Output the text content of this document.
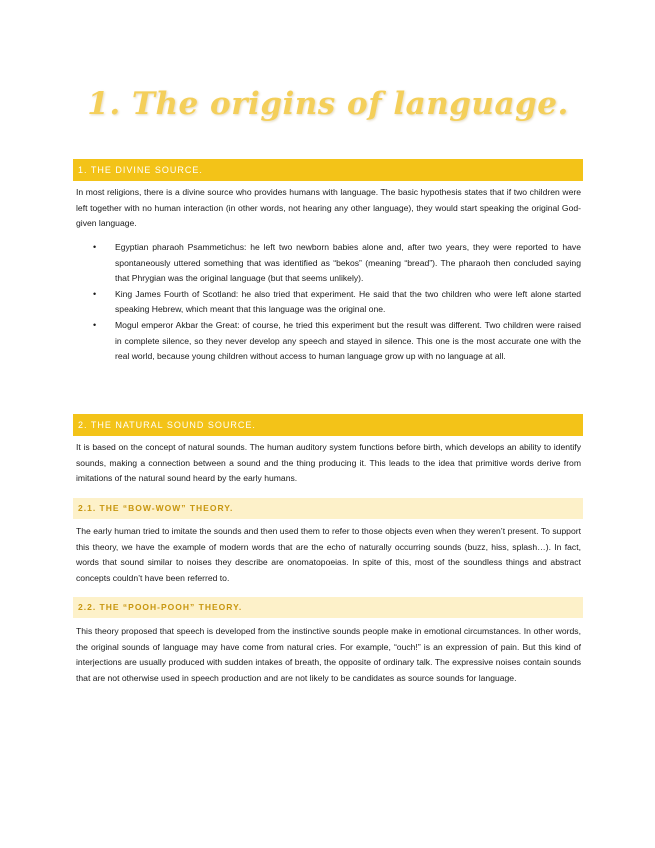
1. The origins of language.
1. THE DIVINE SOURCE.

In most religions, there is a divine source who provides humans with language. The basic hypothesis states that if two children were left together with no human interaction (in other words, not hearing any other language), they would start speaking the original God-given language.

• Egyptian pharaoh Psammetichus: he left two newborn babies alone and, after two years, they were reported to have spontaneously uttered something that was identified as “bekos” (meaning “bread”). The pharaoh then concluded saying that Phrygian was the original language (but that seems unlikely).
• King James Fourth of Scotland: he also tried that experiment. He said that the two children who were left alone started speaking Hebrew, which meant that this language was the original one.
• Mogul emperor Akbar the Great: of course, he tried this experiment but the result was different. Two children were raised in complete silence, so they never develop any speech and stayed in silence. This one is the most accurate one with the real world, because young children without access to human language grow up with no language at all.
2. THE NATURAL SOUND SOURCE.

It is based on the concept of natural sounds. The human auditory system functions before birth, which develops an ability to identify sounds, making a connection between a sound and the thing producing it. This leads to the idea that primitive words derive from imitations of the natural sound heard by the early humans.

2.1. THE “BOW-WOW” THEORY.

The early human tried to imitate the sounds and then used them to refer to those objects even when they weren’t present. To support this theory, we have the example of modern words that are the echo of naturally occurring sounds (buzz, hiss, splash…). In fact, words that sound similar to noises they describe are onomatopoeias. In spite of this, most of the soundless things and abstract concepts couldn’t have been referred to.

2.2. THE “POOH-POOH” THEORY.

This theory proposed that speech is developed from the instinctive sounds people make in emotional circumstances. In other words, the original sounds of language may have come from natural cries. For example, “ouch!” is an expression of pain. But this kind of interjections are usually produced with sudden intakes of breath, the opposite of ordinary talk. The expressive noises contain sounds that are not otherwise used in speech production and are not likely to be candidates as source sounds for language.
